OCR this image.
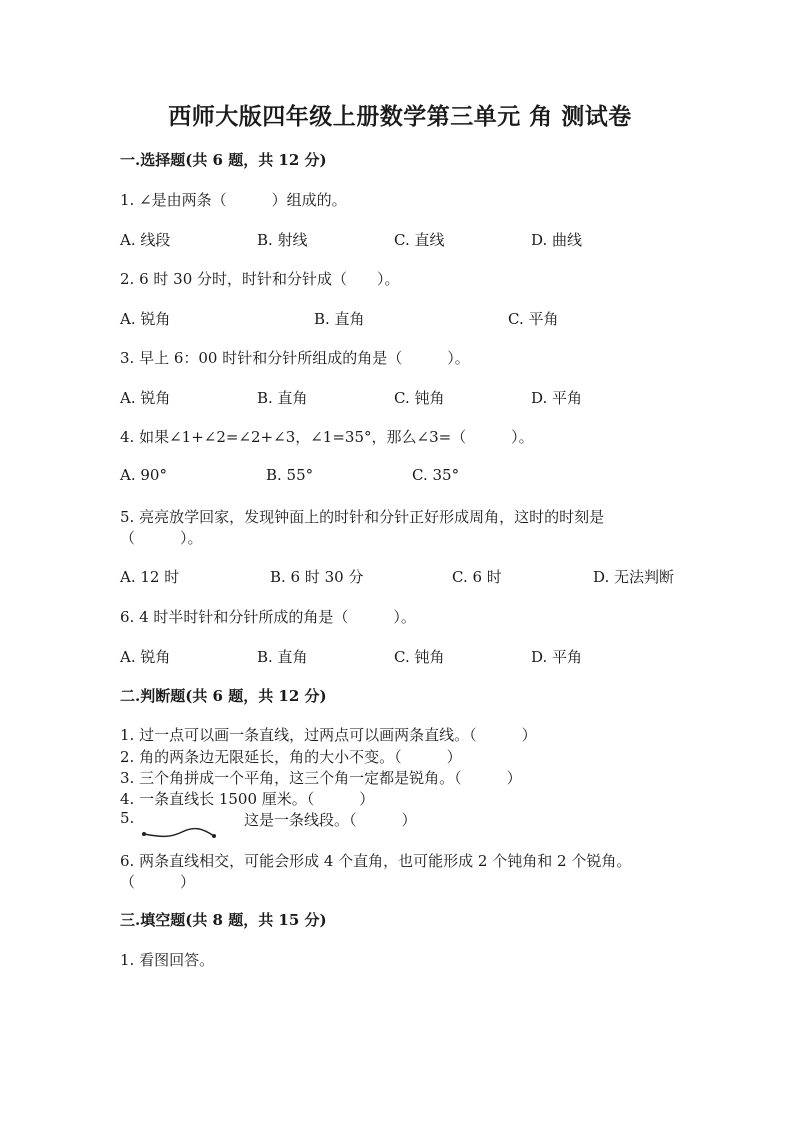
西师大版四年级上册数学第三单元 角 测试卷
一.选择题(共 6 题，共 12 分)
1. ∠是由两条（　　　）组成的。
A. 线段	B. 射线	C. 直线	D. 曲线
2. 6 时 30 分时，时针和分针成（　　）。
A. 锐角	B. 直角	C. 平角
3. 早上 6：00 时针和分针所组成的角是（　　　）。
A. 锐角	B. 直角	C. 钝角	D. 平角
4. 如果∠1+∠2=∠2+∠3，∠1=35°，那么∠3=（　　　）。
A. 90°	B. 55°	C. 35°
5. 亮亮放学回家，发现钟面上的时针和分针正好形成周角，这时的时刻是
（　　　）。
A. 12 时	B. 6 时 30 分	C. 6 时	D. 无法判断
6. 4 时半时针和分针所成的角是（　　　）。
A. 锐角	B. 直角	C. 钝角	D. 平角
二.判断题(共 6 题，共 12 分)
1. 过一点可以画一条直线，过两点可以画两条直线。（　　　）
2. 角的两条边无限延长，角的大小不变。（　　　）
3. 三个角拼成一个平角，这三个角一定都是锐角。（　　　）
4. 一条直线长 1500 厘米。（　　　）
5.	这是一条线段。（　　　）
6. 两条直线相交，可能会形成 4 个直角，也可能形成 2 个钝角和 2 个锐角。
（　　　）
三.填空题(共 8 题，共 15 分)
1. 看图回答。
